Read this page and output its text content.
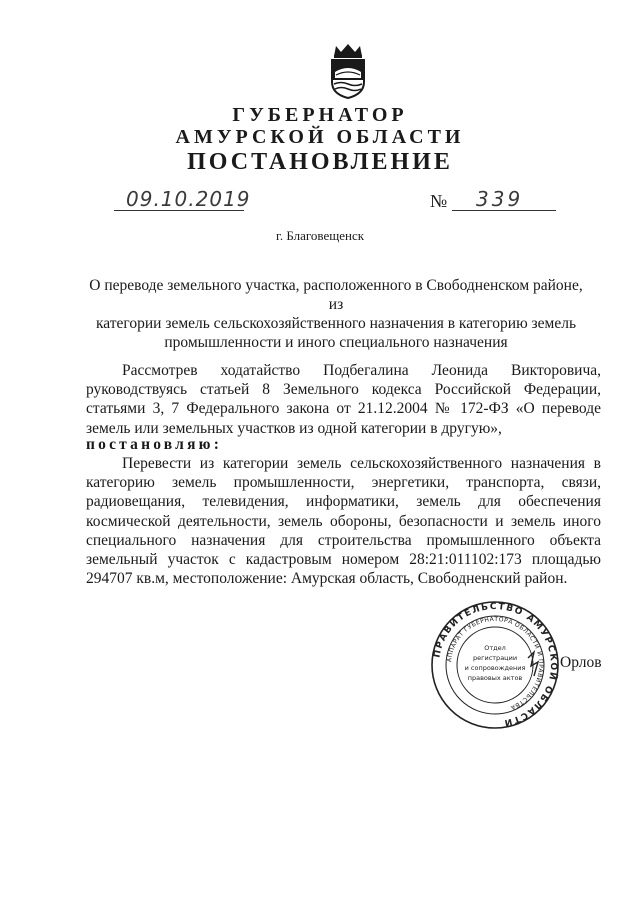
ГУБЕРНАТОР
АМУРСКОЙ ОБЛАСТИ
ПОСТАНОВЛЕНИЕ
09.10.2019	№ 339
г. Благовещенск
О переводе земельного участка, расположенного в Свободненском районе, из
категории земель сельскохозяйственного назначения в категорию земель
промышленности и иного специального назначения
Рассмотрев ходатайство Подбегалина Леонида Викторовича,
руководствуясь статьей 8 Земельного кодекса Российской Федерации,
статьями 3, 7 Федерального закона от 21.12.2004 № 172-ФЗ «О переводе
земель или земельных участков из одной категории в другую»,
постановляю:
Перевести из категории земель сельскохозяйственного назначения в
категорию земель промышленности, энергетики, транспорта, связи,
радиовещания, телевидения, информатики, земель для обеспечения
космической деятельности, земель обороны, безопасности и земель иного
специального назначения для строительства промышленного объекта
земельный участок с кадастровым номером 28:21:011102:173 площадью
294707 кв.м, местоположение: Амурская область, Свободненский район.
ПРАВИТЕЛЬСТВО АМУРСКОЙ ОБЛАСТИ
АППАРАТ ГУБЕРНАТОРА ОБЛАСТИ И ПРАВИТЕЛЬСТВА
Отдел
регистрации
и сопровождения
правовых актов
Орлов
